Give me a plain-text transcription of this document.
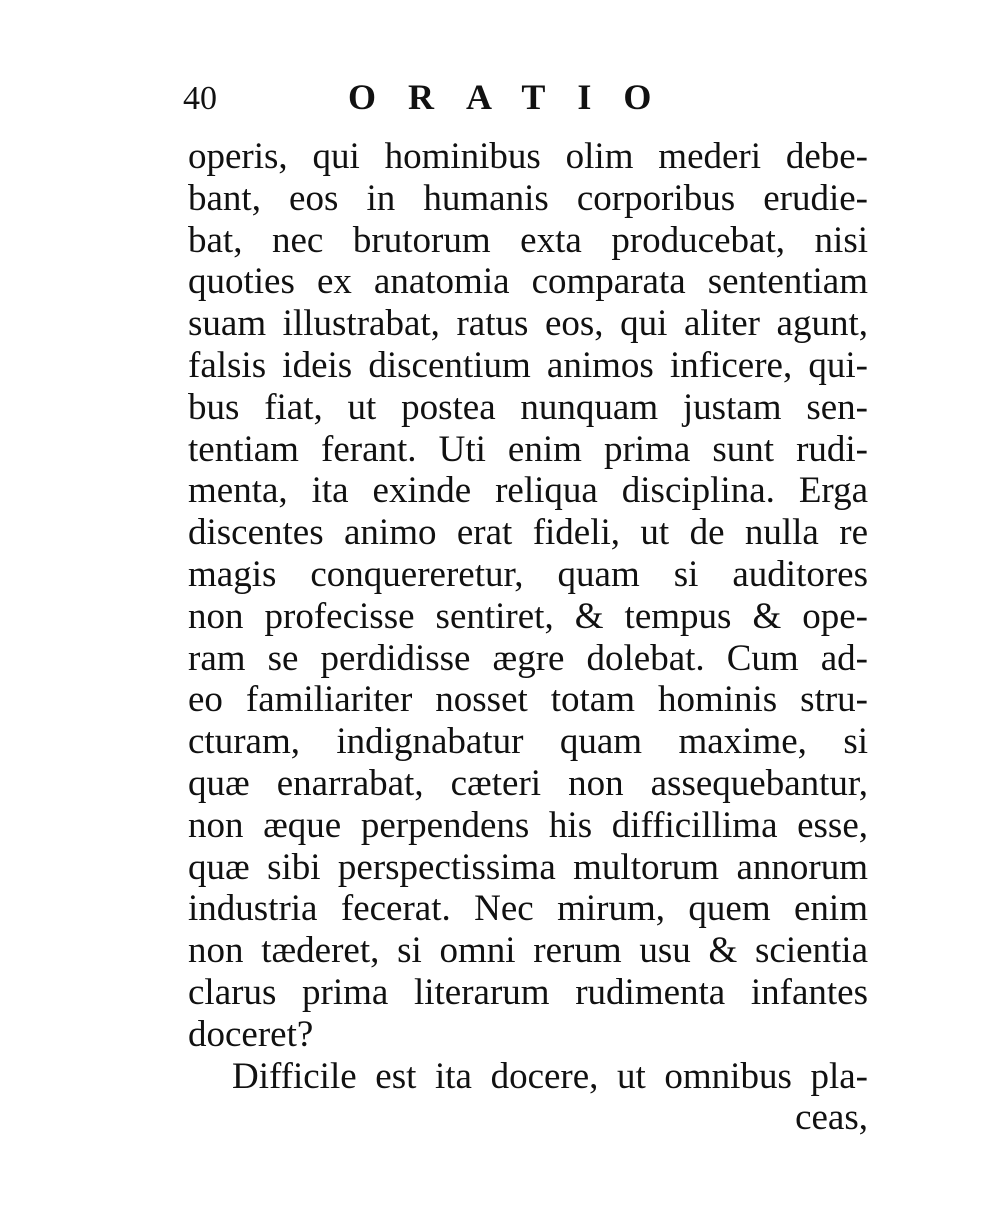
40	ORATIO
operis, qui hominibus olim mederi debe-
bant, eos in humanis corporibus erudie-
bat, nec brutorum exta producebat, nisi
quoties ex anatomia comparata sententiam
suam illustrabat, ratus eos, qui aliter agunt,
falsis ideis discentium animos inficere, qui-
bus fiat, ut postea nunquam justam sen-
tentiam ferant. Uti enim prima sunt rudi-
menta, ita exinde reliqua disciplina. Erga
discentes animo erat fideli, ut de nulla re
magis conquereretur, quam si auditores
non profecisse sentiret, & tempus & ope-
ram se perdidisse ægre dolebat. Cum ad-
eo familiariter nosset totam hominis stru-
cturam, indignabatur quam maxime, si
quæ enarrabat, cæteri non assequebantur,
non æque perpendens his difficillima esse,
quæ sibi perspectissima multorum annorum
industria fecerat. Nec mirum, quem enim
non tæderet, si omni rerum usu & scientia
clarus prima literarum rudimenta infantes
doceret?
Difficile est ita docere, ut omnibus pla-
ceas,
